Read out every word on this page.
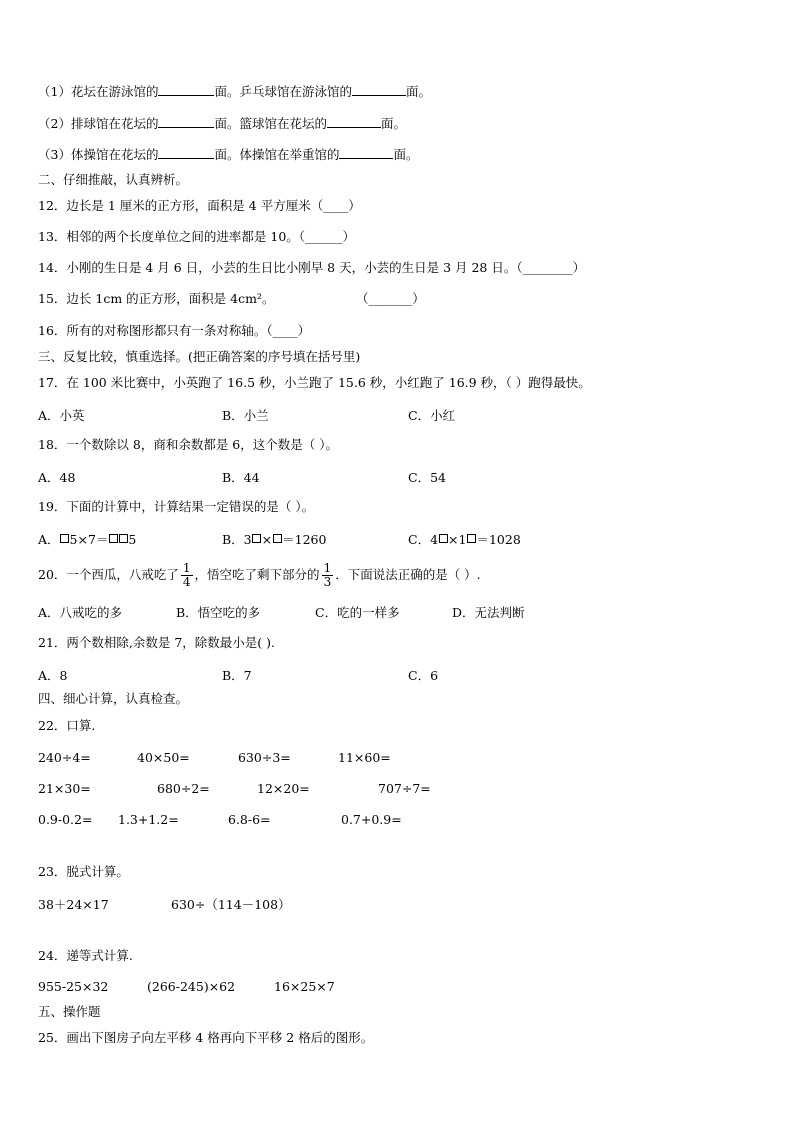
（1）花坛在游泳馆的	面。乒乓球馆在游泳馆的	面。
（2）排球馆在花坛的	面。篮球馆在花坛的	面。
（3）体操馆在花坛的	面。体操馆在举重馆的	面。
二、仔细推敲，认真辨析。
12．边长是 1 厘米的正方形，面积是 4 平方厘米（____）
13．相邻的两个长度单位之间的进率都是 10。（______）
14．小刚的生日是 4 月 6 日，小芸的生日比小刚早 8 天，小芸的生日是 3 月 28 日。（________）
15．边长 1cm 的正方形，面积是 4cm²。	（_______）
16．所有的对称图形都只有一条对称轴。（____）
三、反复比较，慎重选择。(把正确答案的序号填在括号里)
17．在 100 米比赛中，小英跑了 16.5 秒，小兰跑了 15.6 秒，小红跑了 16.9 秒，（ ）跑得最快。
A．小英	B．小兰	C．小红
18．一个数除以 8，商和余数都是 6，这个数是（ ）。
A．48	B．44	C．54
19．下面的计算中，计算结果一定错误的是（ ）。
A． 5×7＝ 5	B．3 × ＝1260	C．4 ×1 ＝1028
20．一个西瓜，八戒吃了 $\frac{1}{4}$ ，悟空吃了剩下部分的 $\frac{1}{3}$ ．下面说法正确的是（ ）.
A．八戒吃的多	B．悟空吃的多	C．吃的一样多	D．无法判断
21．两个数相除,余数是 7，除数最小是( ).
A．8	B．7	C．6
四、细心计算，认真检查。
22．口算.
240÷4=	40×50=	630÷3=	11×60=
21×30=	680÷2=	12×20=	707÷7=
0.9-0.2= 1.3+1.2=	6.8-6=	0.7+0.9=
23．脱式计算。
38＋24×17	630÷（114－108）
24．递等式计算.
955-25×32	(266-245)×62	16×25×7
五、操作题
25．画出下图房子向左平移 4 格再向下平移 2 格后的图形。
